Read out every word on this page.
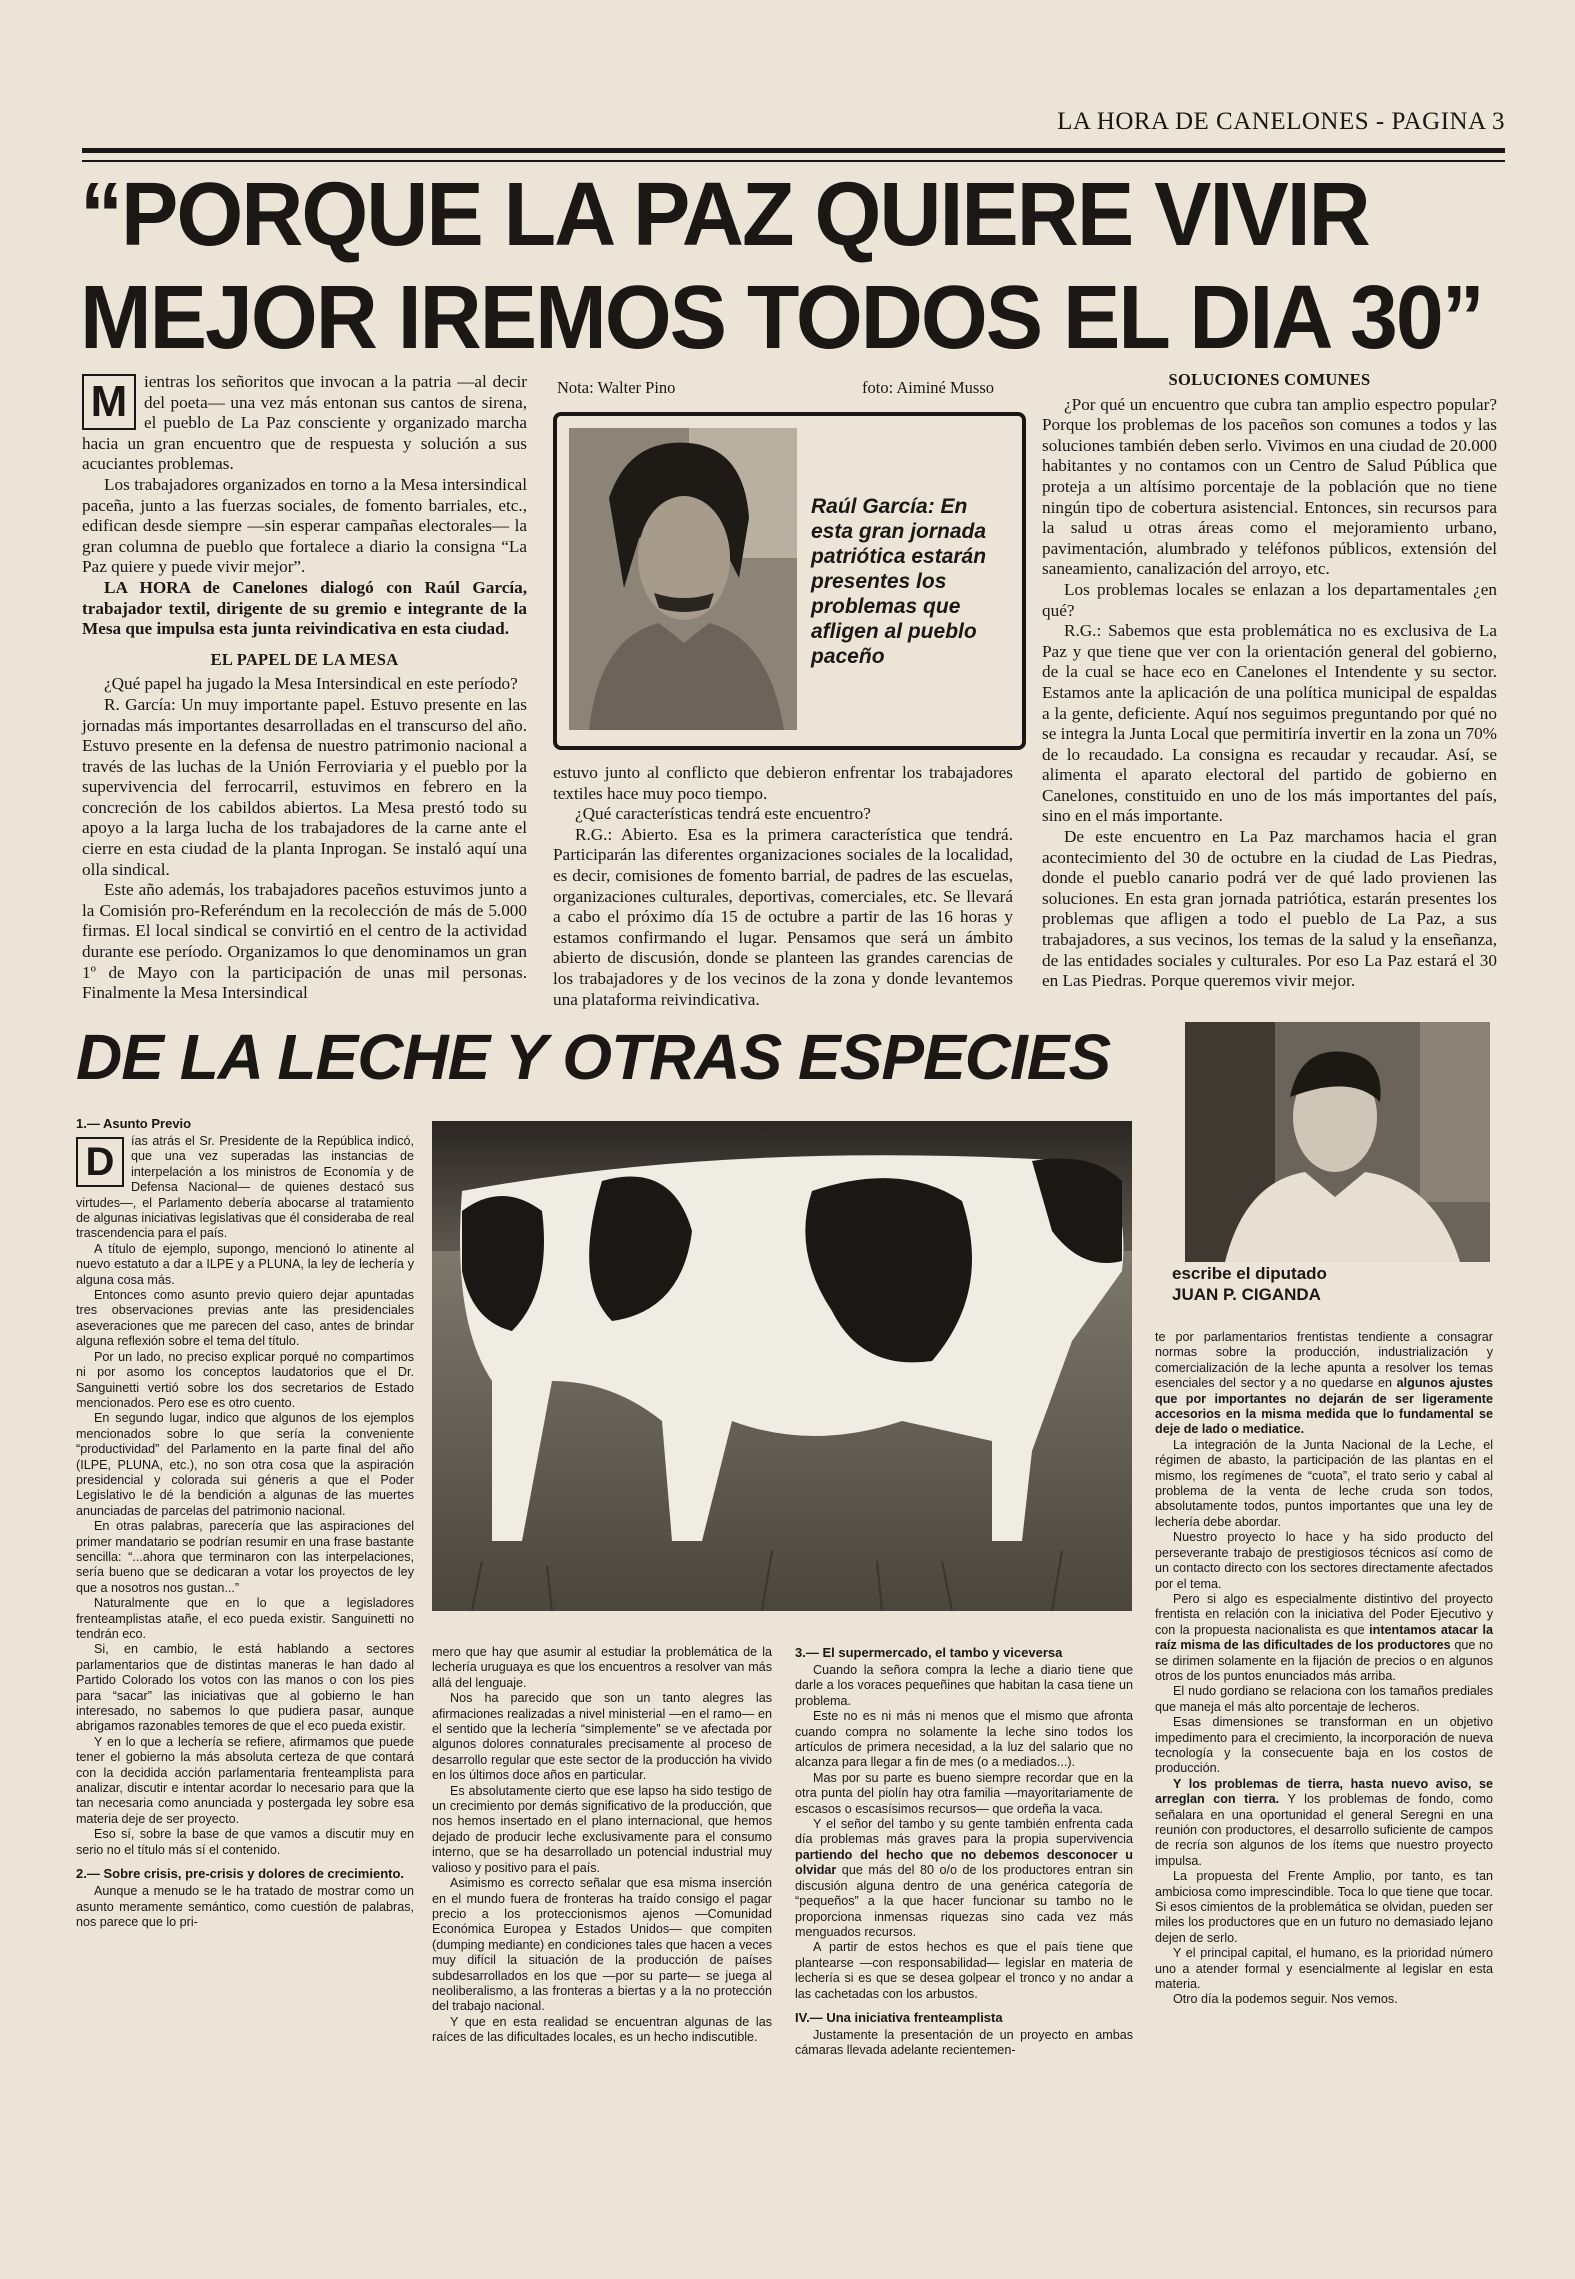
LA HORA DE CANELONES - PAGINA 3
“PORQUE LA PAZ QUIERE VIVIR MEJOR IREMOS TODOS EL DIA 30”
M ientras los señoritos que invocan a la patria —al decir del poeta— una vez más entonan sus cantos de sirena, el pueblo de La Paz consciente y organizado marcha hacia un gran encuentro que de respuesta y solución a sus acuciantes problemas.

Los trabajadores organizados en torno a la Mesa intersindical paceña, junto a las fuerzas sociales, de fomento barriales, etc., edifican desde siempre —sin esperar campañas electorales— la gran columna de pueblo que fortalece a diario la consigna “La Paz quiere y puede vivir mejor”.

LA HORA de Canelones dialogó con Raúl García, trabajador textil, dirigente de su gremio e integrante de la Mesa que impulsa esta junta reivindicativa en esta ciudad.

EL PAPEL DE LA MESA

¿Qué papel ha jugado la Mesa Intersindical en este período?

R. García: Un muy importante papel. Estuvo presente en las jornadas más importantes desarrolladas en el transcurso del año. Estuvo presente en la defensa de nuestro patrimonio nacional a través de las luchas de la Unión Ferroviaria y el pueblo por la supervivencia del ferrocarril, estuvimos en febrero en la concreción de los cabildos abiertos. La Mesa prestó todo su apoyo a la larga lucha de los trabajadores de la carne ante el cierre en esta ciudad de la planta Inprogan. Se instaló aquí una olla sindical.

Este año además, los trabajadores paceños estuvimos junto a la Comisión pro-Referéndum en la recolección de más de 5.000 firmas. El local sindical se convirtió en el centro de la actividad durante ese período. Organizamos lo que denominamos un gran 1º de Mayo con la participación de unas mil personas. Finalmente la Mesa Intersindical

Nota: Walter Pino	foto: Aiminé Musso
Raúl García: En esta gran jornada patriótica estarán presentes los problemas que afligen al pueblo paceño

estuvo junto al conflicto que debieron enfrentar los trabajadores textiles hace muy poco tiempo.

¿Qué características tendrá este encuentro?

R.G.: Abierto. Esa es la primera característica que tendrá. Participarán las diferentes organizaciones sociales de la localidad, es decir, comisiones de fomento barrial, de padres de las escuelas, organizaciones culturales, deportivas, comerciales, etc. Se llevará a cabo el próximo día 15 de octubre a partir de las 16 horas y estamos confirmando el lugar. Pensamos que será un ámbito abierto de discusión, donde se planteen las grandes carencias de los trabajadores y de los vecinos de la zona y donde levantemos una plataforma reivindicativa.

SOLUCIONES COMUNES

¿Por qué un encuentro que cubra tan amplio espectro popular? Porque los problemas de los paceños son comunes a todos y las soluciones también deben serlo. Vivimos en una ciudad de 20.000 habitantes y no contamos con un Centro de Salud Pública que proteja a un altísimo porcentaje de la población que no tiene ningún tipo de cobertura asistencial. Entonces, sin recursos para la salud u otras áreas como el mejoramiento urbano, pavimentación, alumbrado y teléfonos públicos, extensión del saneamiento, canalización del arroyo, etc.

Los problemas locales se enlazan a los departamentales ¿en qué?

R.G.: Sabemos que esta problemática no es exclusiva de La Paz y que tiene que ver con la orientación general del gobierno, de la cual se hace eco en Canelones el Intendente y su sector. Estamos ante la aplicación de una política municipal de espaldas a la gente, deficiente. Aquí nos seguimos preguntando por qué no se integra la Junta Local que permitiría invertir en la zona un 70% de lo recaudado. La consigna es recaudar y recaudar. Así, se alimenta el aparato electoral del partido de gobierno en Canelones, constituido en uno de los más importantes del país, sino en el más importante.

De este encuentro en La Paz marchamos hacia el gran acontecimiento del 30 de octubre en la ciudad de Las Piedras, donde el pueblo canario podrá ver de qué lado provienen las soluciones. En esta gran jornada patriótica, estarán presentes los problemas que afligen a todo el pueblo de La Paz, a sus trabajadores, a sus vecinos, los temas de la salud y la enseñanza, de las entidades sociales y culturales. Por eso La Paz estará el 30 en Las Piedras. Porque queremos vivir mejor.

DE LA LECHE Y OTRAS ESPECIES
escribe el diputado
JUAN P. CIGANDA
1.— Asunto Previo
D	ías atrás el Sr. Presidente de la República indicó, que una vez superadas las instancias de interpelación a los ministros de Economía y de Defensa Nacional— de quienes destacó sus virtudes—, el Parlamento debería abocarse al tratamiento de algunas iniciativas legislativas que él consideraba de real trascendencia para el país.

A título de ejemplo, supongo, mencionó lo atinente al nuevo estatuto a dar a ILPE y a PLUNA, la ley de lechería y alguna cosa más.

Entonces como asunto previo quiero dejar apuntadas tres observaciones previas ante las presidenciales aseveraciones que me parecen del caso, antes de brindar alguna reflexión sobre el tema del título.

Por un lado, no preciso explicar porqué no compartimos ni por asomo los conceptos laudatorios que el Dr. Sanguinetti vertió sobre los dos secretarios de Estado mencionados. Pero ese es otro cuento.

En segundo lugar, indico que algunos de los ejemplos mencionados sobre lo que sería la conveniente “productividad” del Parlamento en la parte final del año (ILPE, PLUNA, etc.), no son otra cosa que la aspiración presidencial y colorada sui géneris a que el Poder Legislativo le dé la bendición a algunas de las muertes anunciadas de parcelas del patrimonio nacional.

En otras palabras, parecería que las aspiraciones del primer mandatario se podrían resumir en una frase bastante sencilla: “...ahora que terminaron con las interpelaciones, sería bueno que se dedicaran a votar los proyectos de ley que a nosotros nos gustan...”

Naturalmente que en lo que a legisladores frenteamplistas atañe, el eco pueda existir. Sanguinetti no tendrán eco.

Si, en cambio, le está hablando a sectores parlamentarios que de distintas maneras le han dado al Partido Colorado los votos con las manos o con los pies para “sacar” las iniciativas que al gobierno le han interesado, no sabemos lo que pudiera pasar, aunque abrigamos razonables temores de que el eco pueda existir.

Y en lo que a lechería se refiere, afirmamos que puede tener el gobierno la más absoluta certeza de que contará con la decidida acción parlamentaria frenteamplista para analizar, discutir e intentar acordar lo necesario para que la tan necesaria como anunciada y postergada ley sobre esa materia deje de ser proyecto.

Eso sí, sobre la base de que vamos a discutir muy en serio no el título más sí el contenido.

2.— Sobre crisis, pre-crisis y dolores de crecimiento.

Aunque a menudo se le ha tratado de mostrar como un asunto meramente semántico, como cuestión de palabras, nos parece que lo pri-

mero que hay que asumir al estudiar la problemática de la lechería uruguaya es que los encuentros a resolver van más allá del lenguaje.

Nos ha parecido que son un tanto alegres las afirmaciones realizadas a nivel ministerial —en el ramo— en el sentido que la lechería “simplemente” se ve afectada por algunos dolores connaturales precisamente al proceso de desarrollo regular que este sector de la producción ha vivido en los últimos doce años en particular.

Es absolutamente cierto que ese lapso ha sido testigo de un crecimiento por demás significativo de la producción, que nos hemos insertado en el plano internacional, que hemos dejado de producir leche exclusivamente para el consumo interno, que se ha desarrollado un potencial industrial muy valioso y positivo para el país.

Asimismo es correcto señalar que esa misma inserción en el mundo fuera de fronteras ha traído consigo el pagar precio a los proteccionismos ajenos —Comunidad Económica Europea y Estados Unidos— que compiten (dumping mediante) en condiciones tales que hacen a veces muy difícil la situación de la producción de países subdesarrollados en los que —por su parte— se juega al neoliberalismo, a las fronteras a biertas y a la no protección del trabajo nacional.

Y que en esta realidad se encuentran algunas de las raíces de las dificultades locales, es un hecho indiscutible.

3.— El supermercado, el tambo y viceversa

Cuando la señora compra la leche a diario tiene que darle a los voraces pequeñines que habitan la casa tiene un problema.

Este no es ni más ni menos que el mismo que afronta cuando compra no solamente la leche sino todos los artículos de primera necesidad, a la luz del salario que no alcanza para llegar a fin de mes (o a mediados...).

Mas por su parte es bueno siempre recordar que en la otra punta del piolín hay otra familia —mayoritariamente de escasos o escasísimos recursos— que ordeña la vaca.

Y el señor del tambo y su gente también enfrenta cada día problemas más graves para la propia supervivencia partiendo del hecho que no debemos desconocer u olvidar que más del 80 o/o de los productores entran sin discusión alguna dentro de una genérica categoría de “pequeños” a la que hacer funcionar su tambo no le proporciona inmensas riquezas sino cada vez más menguados recursos.

A partir de estos hechos es que el país tiene que plantearse —con responsabilidad— legislar en materia de lechería si es que se desea golpear el tronco y no andar a las cachetadas con los arbustos.

IV.— Una iniciativa frenteamplista

Justamente la presentación de un proyecto en ambas cámaras llevada adelante recientemen-

te por parlamentarios frentistas tendiente a consagrar normas sobre la producción, industrialización y comercialización de la leche apunta a resolver los temas esenciales del sector y a no quedarse en algunos ajustes que por importantes no dejarán de ser ligeramente accesorios en la misma medida que lo fundamental se deje de lado o mediatice.

La integración de la Junta Nacional de la Leche, el régimen de abasto, la participación de las plantas en el mismo, los regímenes de “cuota”, el trato serio y cabal al problema de la venta de leche cruda son todos, absolutamente todos, puntos importantes que una ley de lechería debe abordar.

Nuestro proyecto lo hace y ha sido producto del perseverante trabajo de prestigiosos técnicos así como de un contacto directo con los sectores directamente afectados por el tema.

Pero si algo es especialmente distintivo del proyecto frentista en relación con la iniciativa del Poder Ejecutivo y con la propuesta nacionalista es que intentamos atacar la raíz misma de las dificultades de los productores que no se dirimen solamente en la fijación de precios o en algunos otros de los puntos enunciados más arriba.

El nudo gordiano se relaciona con los tamaños prediales que maneja el más alto porcentaje de lecheros.

Esas dimensiones se transforman en un objetivo impedimento para el crecimiento, la incorporación de nueva tecnología y la consecuente baja en los costos de producción.

Y los problemas de tierra, hasta nuevo aviso, se arreglan con tierra. Y los problemas de fondo, como señalara en una oportunidad el general Seregni en una reunión con productores, el desarrollo suficiente de campos de recría son algunos de los ítems que nuestro proyecto impulsa.

La propuesta del Frente Amplio, por tanto, es tan ambiciosa como imprescindible. Toca lo que tiene que tocar. Si esos cimientos de la problemática se olvidan, pueden ser miles los productores que en un futuro no demasiado lejano dejen de serlo.

Y el principal capital, el humano, es la prioridad número uno a atender formal y esencialmente al legislar en esta materia.

Otro día la podemos seguir. Nos vemos.
